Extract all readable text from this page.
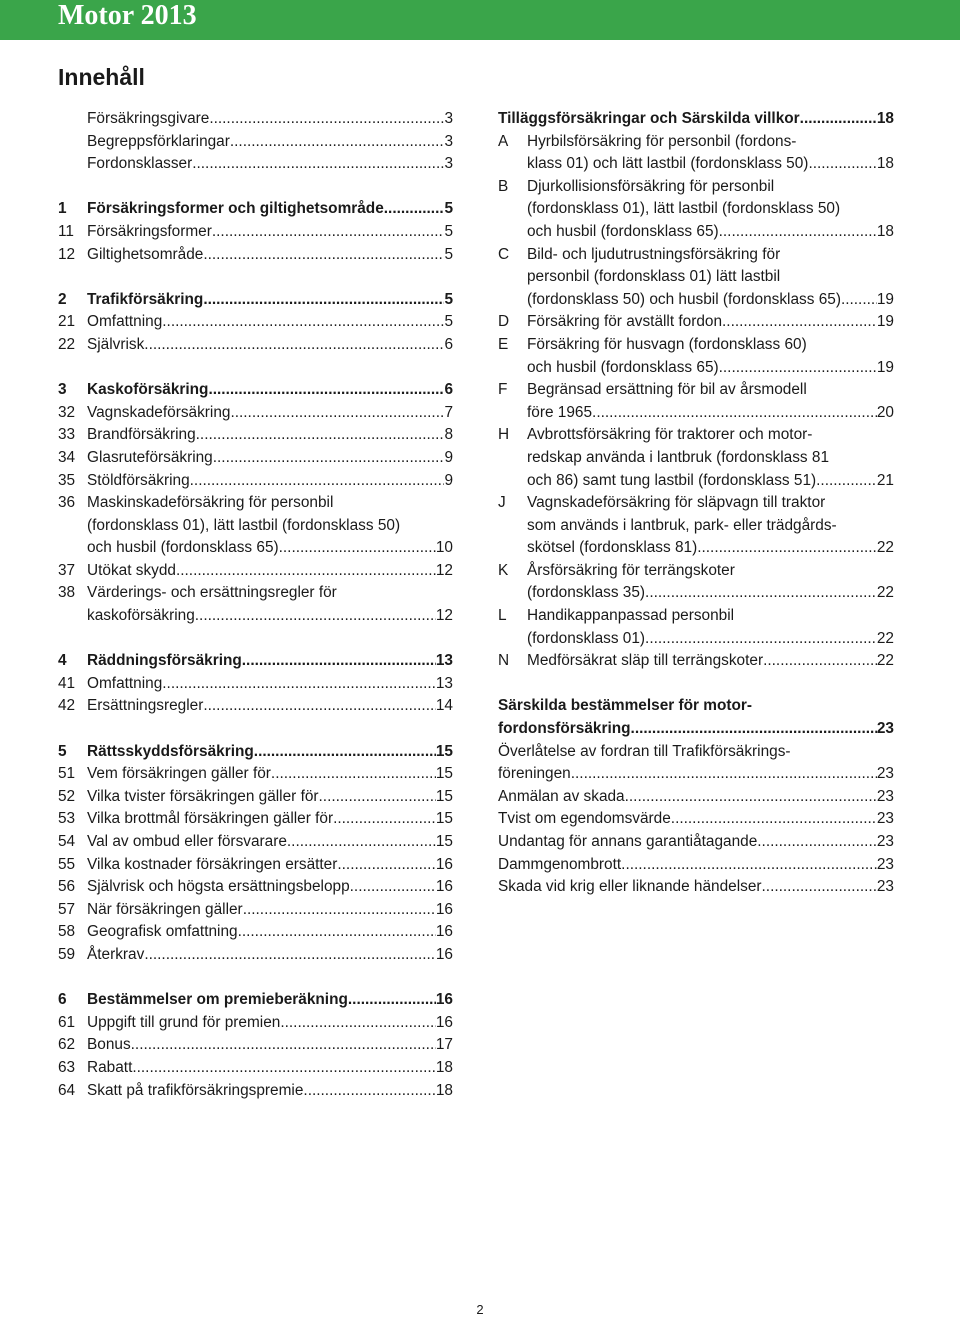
Motor 2013
Innehåll
Försäkringsgivare .....	3
Begreppsförklaringar .....	3
Fordonsklasser .....	3
1	Försäkringsformer och giltighetsområde .....	5
11 Försäkringsformer .....	5
12 Giltighetsområde .....	5
2	Trafikförsäkring .....	5
21 Omfattning .....	5
22 Självrisk .....	6
3	Kaskoförsäkring .....	6
32 Vagnskadeförsäkring .....	7
33 Brandförsäkring .....	8
34 Glasruteförsäkring .....	9
35 Stöldförsäkring .....	9
36 Maskinskadeförsäkring för personbil
(fordonsklass 01), lätt lastbil (fordonsklass 50)
och husbil (fordonsklass 65) .....	10
37 Utökat skydd .....	12
38 Värderings- och ersättningsregler för
kaskoförsäkring .....	12
4	Räddningsförsäkring .....	13
41 Omfattning .....	13
42 Ersättningsregler .....	14
5	Rättsskyddsförsäkring .....	15
51 Vem försäkringen gäller för .....	15
52 Vilka tvister försäkringen gäller för .....	15
53 Vilka brottmål försäkringen gäller för .....	15
54 Val av ombud eller försvarare .....	15
55 Vilka kostnader försäkringen ersätter .....	16
56 Självrisk och högsta ersättningsbelopp .....	16
57 När försäkringen gäller .....	16
58 Geografisk omfattning .....	16
59 Återkrav .....	16
6	Bestämmelser om premieberäkning .....	16
61 Uppgift till grund för premien .....	16
62 Bonus .....	17
63 Rabatt .....	18
64 Skatt på trafikförsäkringspremie .....	18
Tilläggsförsäkringar och Särskilda villkor .....	18
A	Hyrbilsförsäkring för personbil (fordons-
klass 01) och lätt lastbil (fordonsklass 50) .....	18
B	Djurkollisionsförsäkring för personbil
(fordonsklass 01), lätt lastbil (fordonsklass 50)
och husbil (fordonsklass 65) .....	18
C	Bild- och ljudutrustningsförsäkring för
personbil (fordonsklass 01) lätt lastbil
(fordonsklass 50) och husbil (fordonsklass 65) ..... 19
D	Försäkring för avställt fordon .....	19
E	Försäkring för husvagn (fordonsklass 60)
och husbil (fordonsklass 65) .....	19
F	Begränsad ersättning för bil av årsmodell
före 1965 .....	20
H	Avbrottsförsäkring för traktorer och motor-
redskap använda i lantbruk (fordonsklass 81
och 86) samt tung lastbil (fordonsklass 51) .....	21
J	Vagnskadeförsäkring för släpvagn till traktor
som används i lantbruk, park- eller trädgårds-
skötsel (fordonsklass 81) .....	22
K	Årsförsäkring för terrängskoter
(fordonsklass 35) .....	22
L	Handikappanpassad personbil
(fordonsklass 01) .....	22
N	Medförsäkrat släp till terrängskoter .....	22
Särskilda bestämmelser för motor-
fordonsförsäkring .....	23
Överlåtelse av fordran till Trafikförsäkrings-
föreningen .....	23
Anmälan av skada .....	23
Tvist om egendomsvärde .....	23
Undantag för annans garantiåtagande .....	23
Dammgenombrott .....	23
Skada vid krig eller liknande händelser .....	23
2
